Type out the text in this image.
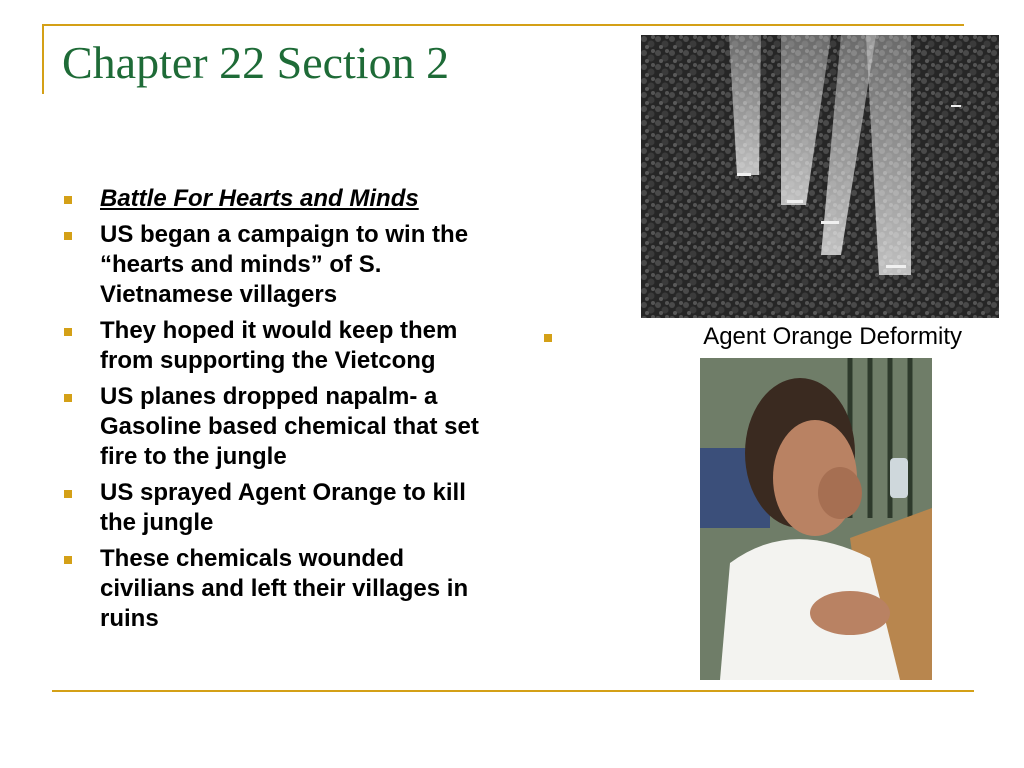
Chapter 22 Section 2
Battle For Hearts and Minds
US began a campaign to win the “hearts and minds” of S. Vietnamese villagers
They hoped it would keep them from supporting the Vietcong
US planes dropped napalm- a Gasoline based chemical that set fire to the jungle
US sprayed Agent Orange to kill the jungle
These chemicals wounded civilians and left their villages in ruins
Agent Orange Deformity
